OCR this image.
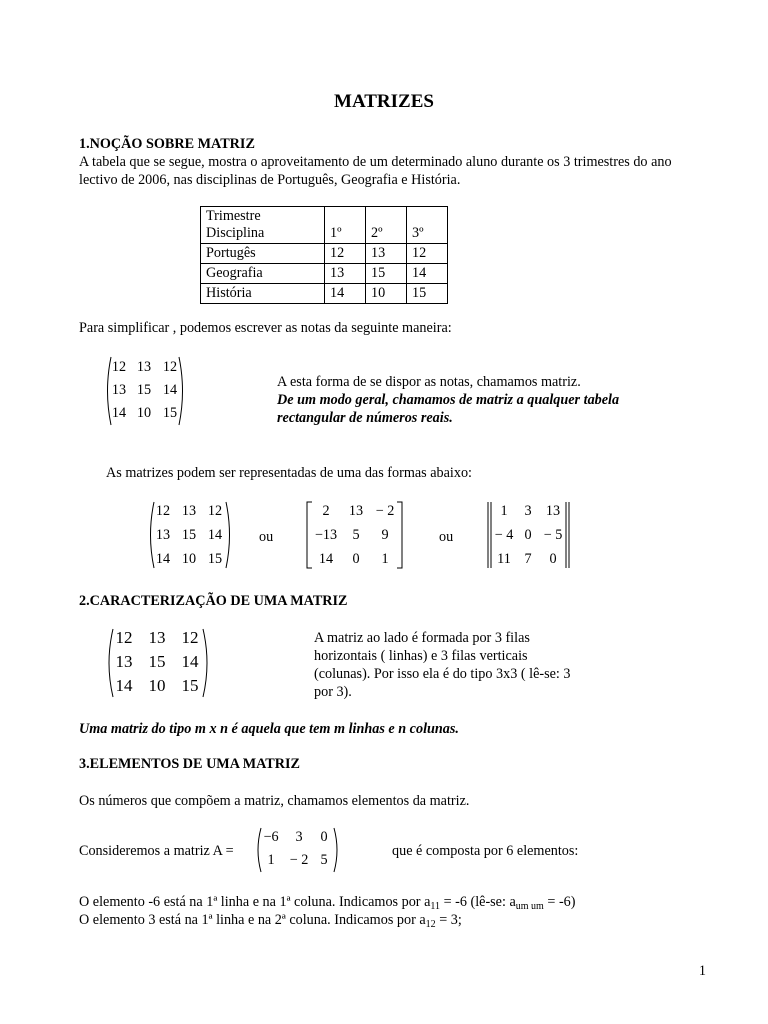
MATRIZES
1.NOÇÃO SOBRE MATRIZ
A tabela que se segue, mostra o aproveitamento de um determinado aluno durante os 3 trimestres do ano
lectivo de 2006, nas disciplinas de Português, Geografia e História.
Trimestre
Disciplina	1º	2º	3º
Portugês	12	13	12
Geografia	13	15	14
História	14	10	15
Para simplificar , podemos escrever as notas da seguinte maneira:
12 13 12
13 15 14
14 10 15
A esta forma de se dispor as notas, chamamos matriz.
De um modo geral, chamamos de matriz a qualquer tabela
rectangular de números reais.
As matrizes podem ser representadas de uma das formas abaixo:
12 13 12
13 15 14
14 10 15
ou
2	13 − 2
−13	5	9
14	0	1
ou
1	3	13
− 4 0 − 5
11 7	0
2.CARACTERIZAÇÃO DE UMA MATRIZ
12 13 12
13 15 14
14 10 15
A matriz ao lado é formada por 3 filas
horizontais ( linhas) e 3 filas verticais
(colunas). Por isso ela é do tipo 3x3 ( lê-se: 3
por 3).
Uma matriz do tipo m x n é aquela que tem m linhas e n colunas.
3.ELEMENTOS DE UMA MATRIZ
Os números que compõem a matriz, chamamos elementos da matriz.
Consideremos a matriz A =
−6	3	0
1	− 2 5
que é composta por 6 elementos:
O elemento -6 está na 1ª linha e na 1ª coluna. Indicamos por $a_{11} = -6$ (lê-se: $a_{um um} = -6$)
O elemento 3 está na 1ª linha e na 2ª coluna. Indicamos por $a_{12} = 3$;
1
